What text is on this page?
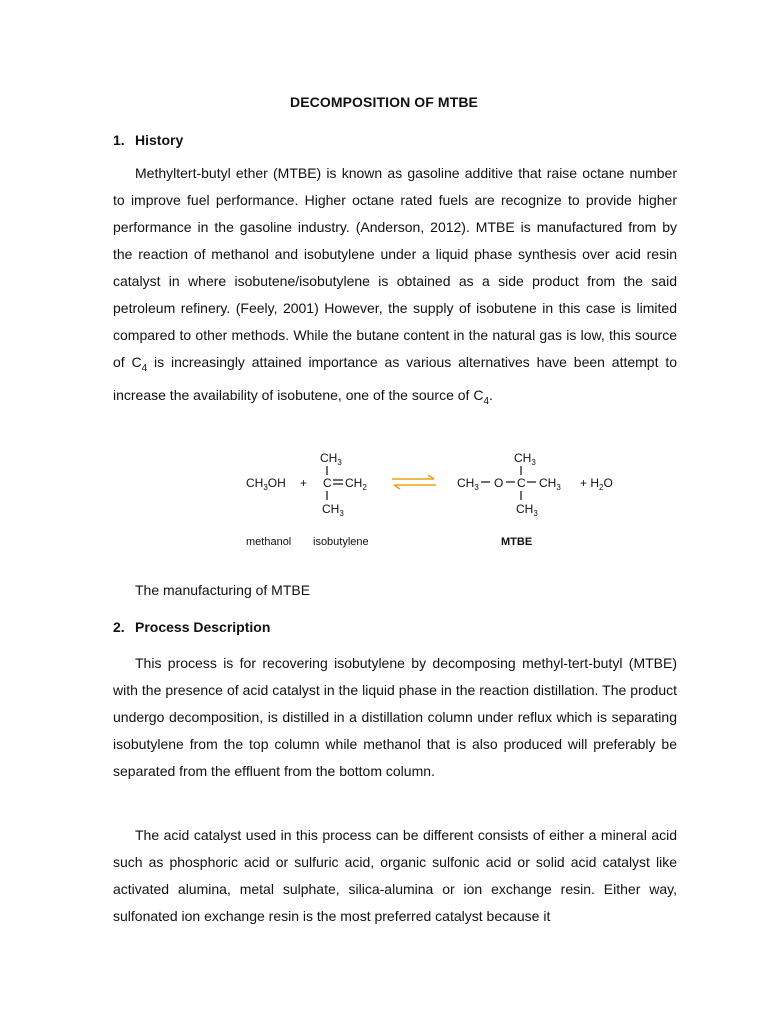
DECOMPOSITION OF MTBE
1. History

Methyltert-butyl ether (MTBE) is known as gasoline additive that raise octane number to improve fuel performance. Higher octane rated fuels are recognize to provide higher performance in the gasoline industry. (Anderson, 2012). MTBE is manufactured from by the reaction of methanol and isobutylene under a liquid phase synthesis over acid resin catalyst in where isobutene/isobutylene is obtained as a side product from the said petroleum refinery. (Feely, 2001) However, the supply of isobutene in this case is limited compared to other methods. While the butane content in the natural gas is low, this source of $C_4$ is increasingly attained importance as various alternatives have been attempt to increase the availability of isobutene, one of the source of $C_4$.

$CH_3OH$ +
$CH_3$
C $CH_2$
$CH_3$
$CH_3$
$CH_3$ O C $CH_3$
$CH_3$
+ $H_2O$
methanol isobutylene	MTBE
The manufacturing of MTBE
2. Process Description

This process is for recovering isobutylene by decomposing methyl-tert-butyl (MTBE) with the presence of acid catalyst in the liquid phase in the reaction distillation. The product undergo decomposition, is distilled in a distillation column under reflux which is separating isobutylene from the top column while methanol that is also produced will preferably be separated from the effluent from the bottom column.

The acid catalyst used in this process can be different consists of either a mineral acid such as phosphoric acid or sulfuric acid, organic sulfonic acid or solid acid catalyst like activated alumina, metal sulphate, silica-alumina or ion exchange resin. Either way, sulfonated ion exchange resin is the most preferred catalyst because it
